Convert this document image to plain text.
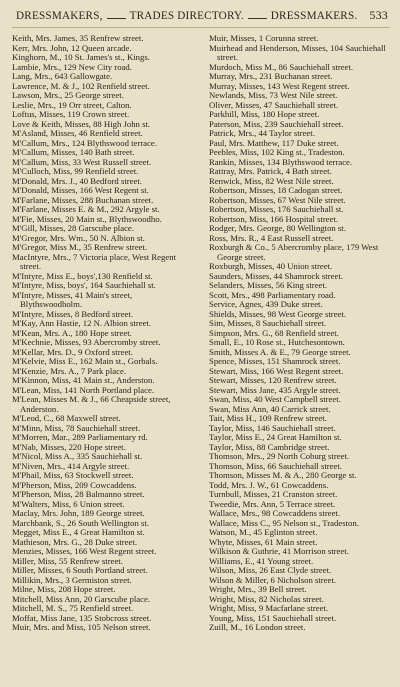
DRESSMAKERS, TRADES DIRECTORY. DRESSMAKERS. 533
Keith, Mrs. James, 35 Renfrew street.
Kerr, Mrs. John, 12 Queen arcade.
Kinghorn, M., 10 St. James's st., Kings.
Lambie, Mrs., 129 New City road.
Lang, Mrs., 643 Gallowgate.
Lawrence, M. & J., 102 Renfield street.
Lawson, Mrs., 25 George street.
Leslie, Mrs., 19 Orr street, Calton.
Loftus, Misses, 119 Crown street.
Love & Keith, Misses, 88 High John st.
M'Asland, Misses, 46 Renfield street.
M'Callum, Mrs., 124 Blythswood terrace.
M'Callum, Misses, 140 Bath street.
M'Callum, Miss, 33 West Russell street.
M'Culloch, Miss, 99 Renfield street.
M'Donald, Mrs. J., 40 Bedford street.
M'Donald, Misses, 166 West Regent st.
M'Farlane, Misses, 288 Buchanan street.
M'Farlane, Misses E. & M., 292 Argyle st.
M'Fie, Misses, 20 Main st., Blythswoodho.
M'Gill, Misses, 28 Garscube place.
M'Gregor, Mrs. Wm., 50 N. Albion st.
M'Gregor, Miss M., 35 Renfrew street.
MacIntyre, Mrs., 7 Victoria place, West Regent street.
M'Intyre, Miss E., boys',130 Renfield st.
M'Intyre, Miss, boys', 164 Sauchiehall st.
M'Intyre, Misses, 41 Main's street, Blythswoodholm.
M'Intyre, Misses, 8 Bedford street.
M'Kay, Ann Hastie, 12 N. Albion street.
M'Kean, Mrs. A., 180 Hope street.
M'Kechnie, Misses, 93 Abercromby street.
M'Kellar, Mrs. D., 9 Oxford street.
M'Kelvie, Miss E., 162 Main st., Gorbals.
M'Kenzie, Mrs. A., 7 Park place.
M'Kinnon, Miss, 41 Main st., Anderston.
M'Lean, Miss, 141 North Portland place.
M'Lean, Misses M. & J., 66 Cheapside street, Anderston.
M'Leod, C., 68 Maxwell street.
M'Minn, Miss, 78 Sauchiehall street.
M'Morren, Mar., 289 Parliamentary rd.
M'Nab, Misses, 220 Hope street.
M'Nicol, Miss A., 335 Sauchiehall st.
M'Niven, Mrs., 414 Argyle street.
M'Phail, Miss, 63 Stockwell street.
M'Pherson, Miss, 209 Cowcaddens.
M'Pherson, Miss, 28 Balmanno street.
M'Walters, Miss, 6 Union street.
Maclay, Mrs. John, 189 George street.
Marchbank, S., 26 South Wellington st.
Megget, Miss E., 4 Great Hamilton st.
Mathieson, Mrs. G., 28 Duke street.
Menzies, Misses, 166 West Regent street.
Miller, Miss, 55 Renfrew street.
Miller, Misses, 6 South Portland street.
Millikin, Mrs., 3 Germiston street.
Milne, Miss, 208 Hope street.
Mitchell, Miss Ann, 20 Garscube place.
Mitchell, M. S., 75 Renfield street.
Moffat, Miss Jane, 135 Stobcross street.
Muir, Mrs. and Miss, 105 Nelson street.
Muir, Misses, 1 Corunna street.
Muirhead and Henderson, Misses, 104 Sauchiehall street.
Murdoch, Miss M., 86 Sauchiehall street.
Murray, Mrs., 231 Buchanan street.
Murray, Misses, 143 West Regent street.
Newlands, Miss, 73 West Nile street.
Oliver, Misses, 47 Sauchiehall street.
Parkhill, Miss, 180 Hope street.
Paterson, Miss, 239 Sauchiehall street.
Patrick, Mrs., 44 Taylor street.
Paul, Mrs. Matthew, 117 Duke street.
Peebles, Miss, 102 King st., Tradeston.
Rankin, Misses, 134 Blythswood terrace.
Rattray, Mrs. Patrick, 4 Bath street.
Renwick, Miss, 82 West Nile street.
Robertson, Misses, 18 Cadogan street.
Robertson, Misses, 67 West Nile street.
Robertson, Misses, 176 Sauchiehall st.
Robertson, Miss, 166 Hospital street.
Rodger, Mrs. George, 80 Wellington st.
Ross, Mrs. R., 4 East Russell street.
Roxburgh & Co., 5 Abercromby place, 179 West George street.
Roxburgh, Misses, 40 Union street.
Saunders, Misses, 44 Shamrock street.
Selanders, Misses, 56 King street.
Scott, Mrs., 498 Parliamentary road.
Service, Agnes, 439 Duke street.
Shields, Misses, 98 West George street.
Sim, Misses, 8 Sauchiehall street.
Simpson, Mrs. G., 68 Renfield street.
Small, E., 10 Rose st., Hutchesontown.
Smith, Misses A. & E., 79 George street.
Spence, Misses, 151 Shamrock street.
Stewart, Miss, 166 West Regent street.
Stewart, Misses, 120 Renfrew street.
Stewart, Miss Jane, 435 Argyle street.
Swan, Miss, 40 West Campbell street.
Swan, Miss Ann, 40 Carrick street.
Tait, Miss H., 109 Renfrew street.
Taylor, Miss, 146 Sauchiehall street.
Taylor, Miss E., 24 Great Hamilton st.
Taylor, Miss, 88 Cambridge street.
Thomson, Mrs., 29 North Coburg street.
Thomson, Miss, 66 Sauchiehall street.
Thomson, Misses M. & A., 280 George st.
Todd, Mrs. J. W., 61 Cowcaddens.
Turnbull, Misses, 21 Cranston street.
Tweedie, Mrs. Ann, 5 Terrace street.
Wallace, Mrs., 98 Cowcaddens street.
Wallace, Miss C., 95 Nelson st., Tradeston.
Watson, M., 45 Eglinton street.
Whyte, Misses, 61 Main street.
Wilkison & Guthrie, 41 Morrison street.
Williams, E., 41 Young street.
Wilson, Miss, 26 East Clyde street.
Wilson & Miller, 6 Nicholson street.
Wright, Mrs., 39 Bell street.
Wright, Miss, 82 Nicholas street.
Wright, Miss, 9 Macfarlane street.
Young, Miss, 151 Sauchiehall street.
Zuill, M., 16 London street.
